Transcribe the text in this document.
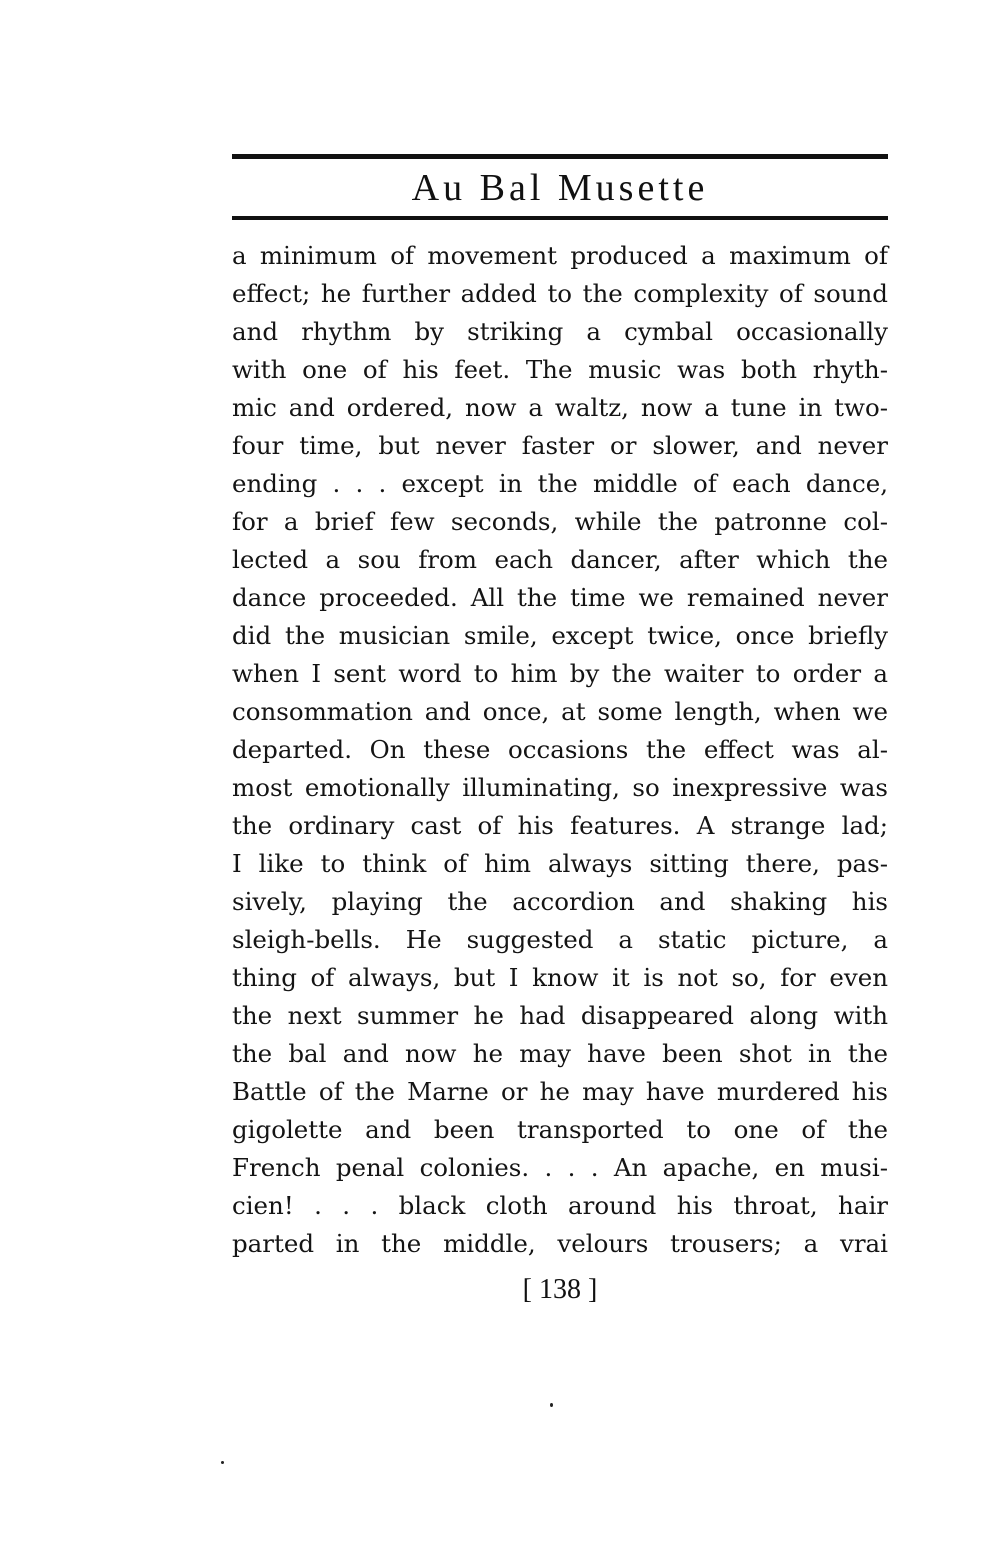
Au Bal Musette
a minimum of movement produced a maximum of
effect; he further added to the complexity of sound
and rhythm by striking a cymbal occasionally
with one of his feet. The music was both rhyth-
mic and ordered, now a waltz, now a tune in two-
four time, but never faster or slower, and never
ending . . . except in the middle of each dance,
for a brief few seconds, while the patronne col-
lected a sou from each dancer, after which the
dance proceeded. All the time we remained never
did the musician smile, except twice, once briefly
when I sent word to him by the waiter to order a
consommation and once, at some length, when we
departed. On these occasions the effect was al-
most emotionally illuminating, so inexpressive was
the ordinary cast of his features. A strange lad;
I like to think of him always sitting there, pas-
sively, playing the accordion and shaking his
sleigh-bells. He suggested a static picture, a
thing of always, but I know it is not so, for even
the next summer he had disappeared along with
the bal and now he may have been shot in the
Battle of the Marne or he may have murdered his
gigolette and been transported to one of the
French penal colonies. . . . An apache, en musi-
cien! . . . black cloth around his throat, hair
parted in the middle, velours trousers; a vrai
[ 138 ]
